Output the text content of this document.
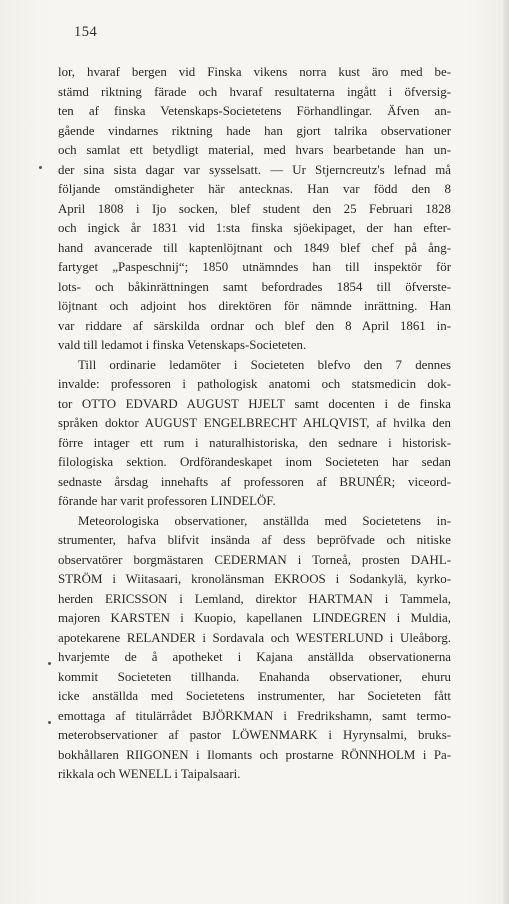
154
lor, hvaraf bergen vid Finska vikens norra kust äro med be-
stämd riktning färade och hvaraf resultaterna ingått i öfversig-
ten af finska Vetenskaps-Societetens Förhandlingar. Äfven an-
gående vindarnes riktning hade han gjort talrika observationer
och samlat ett betydligt material, med hvars bearbetande han un-
der sina sista dagar var sysselsatt. — Ur Stjerncreutz's lefnad må
följande omständigheter här antecknas. Han var född den 8
April 1808 i Ijo socken, blef student den 25 Februari 1828
och ingick år 1831 vid 1:sta finska sjöekipaget, der han efter-
hand avancerade till kaptenlöjtnant och 1849 blef chef på ång-
fartyget „Paspeschnij“; 1850 utnämndes han till inspektör för
lots- och båkinrättningen samt befordrades 1854 till öfverste-
löjtnant och adjoint hos direktören för nämnde inrättning. Han
var riddare af särskilda ordnar och blef den 8 April 1861 in-
vald till ledamot i finska Vetenskaps-Societeten.
Till ordinarie ledamöter i Societeten blefvo den 7 dennes
invalde: professoren i pathologisk anatomi och statsmedicin dok-
tor OTTO EDVARD AUGUST HJELT samt docenten i de finska
språken doktor AUGUST ENGELBRECHT AHLQVIST, af hvilka den
förre intager ett rum i naturalhistoriska, den sednare i historisk-
filologiska sektion. Ordförandeskapet inom Societeten har sedan
sednaste årsdag innehafts af professoren af BRUNÉR; viceord-
förande har varit professoren LINDELÖF.
Meteorologiska observationer, anställda med Societetens in-
strumenter, hafva blifvit insända af dess bepröfvade och nitiske
observatörer borgmästaren CEDERMAN i Torneå, prosten DAHL-
STRÖM i Wiitasaari, kronolänsman EKROOS i Sodankylä, kyrko-
herden ERICSSON i Lemland, direktor HARTMAN i Tammela,
majoren KARSTEN i Kuopio, kapellanen LINDEGREN i Muldia,
apotekarene RELANDER i Sordavala och WESTERLUND i Uleåborg.
hvarjemte de å apotheket i Kajana anställda observationerna
kommit Societeten tillhanda. Enahanda observationer, ehuru
icke anställda med Societetens instrumenter, har Societeten fått
emottaga af titulärrådet BJÖRKMAN i Fredrikshamn, samt termo-
meterobservationer af pastor LÖWENMARK i Hyrynsalmi, bruks-
bokhållaren RIIGONEN i Ilomants och prostarne RÖNNHOLM i Pa-
rikkala och WENELL i Taipalsaari.
